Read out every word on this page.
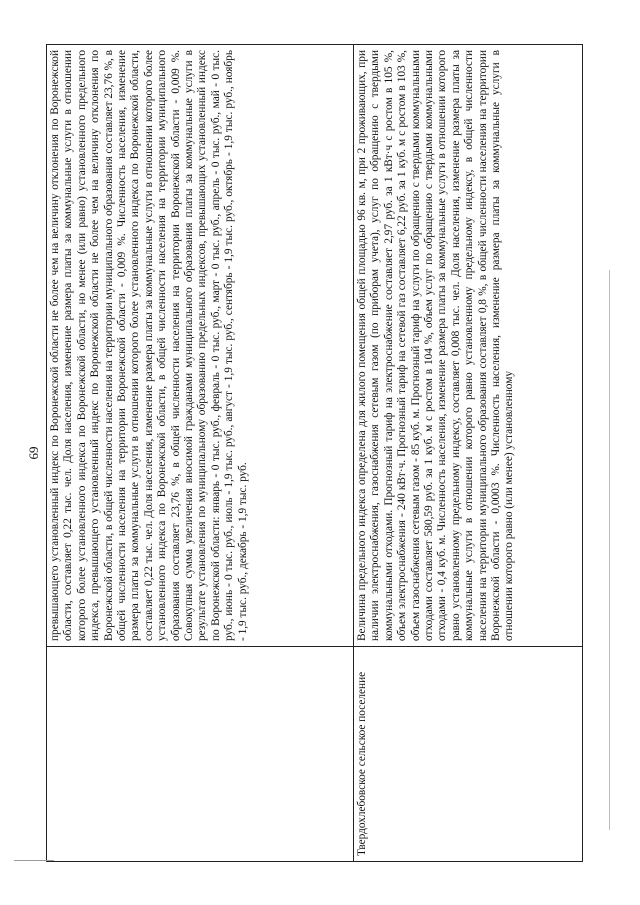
69
	превышающего установленный индекс по Воронежской области не более чем на величину отклонения по Воронежской области, составляет 0,22 тыс. чел. Доля населения, изменение размера платы за коммунальные услуги в отношении которого более установленного индекса по Воронежской области, но менее (или равно) установленного предельного индекса, превышающего установленный индекс по Воронежской области не более чем на величину отклонения по Воронежской области, в общей численности населения на территории муниципального образования составляет 23,76 %, в общей численности населения на территории Воронежской области - 0,009 %. Численность населения, изменение размера платы за коммунальные услуги в отношении которого более установленного индекса по Воронежской области, составляет 0,22 тыс. чел. Доля населения, изменение размера платы за коммунальные услуги в отношении которого более установленного индекса по Воронежской области, в общей численности населения на территории муниципального образования составляет 23,76 %, в общей численности населения на территории Воронежской области - 0,009 %. Совокупная сумма увеличения вносимой гражданами муниципального образования платы за коммунальные услуги в результате установления по муниципальному образованию предельных индексов, превышающих установленный индекс по Воронежской области: январь - 0 тыс. руб., февраль - 0 тыс. руб., март - 0 тыс. руб., апрель - 0 тыс. руб., май - 0 тыс. руб., июнь - 0 тыс. руб., июль - 1,9 тыс. руб., август - 1,9 тыс. руб., сентябрь - 1,9 тыс. руб., октябрь - 1,9 тыс. руб., ноябрь - 1,9 тыс. руб., декабрь - 1,9 тыс. руб.
Твердохлебовское сельское поселение	Величина предельного индекса определена для жилого помещения общей площадью 96 кв. м, при 2 проживающих, при наличии электроснабжения, газоснабжения сетевым газом (по приборам учета), услуг по обращению с твердыми коммунальными отходами. Прогнозный тариф на электроснабжение составляет 2,97 руб. за 1 кВт·ч с ростом в 105 %, объем электроснабжения - 240 кВт·ч. Прогнозный тариф на сетевой газ составляет 6,22 руб. за 1 куб. м с ростом в 103 %, объем газоснабжения сетевым газом - 85 куб. м. Прогнозный тариф на услуги по обращению с твердыми коммунальными отходами составляет 580,59 руб. за 1 куб. м с ростом в 104 %, объем услуг по обращению с твердыми коммунальными отходами - 0,4 куб. м. Численность населения, изменение размера платы за коммунальные услуги в отношении которого равно установленному предельному индексу, составляет 0,008 тыс. чел. Доля населения, изменение размера платы за коммунальные услуги в отношении которого равно установленному предельному индексу, в общей численности населения на территории муниципального образования составляет 0,8 %, в общей численности населения на территории Воронежской области - 0,0003 %. Численность населения, изменение размера платы за коммунальные услуги в отношении которого равно (или менее) установленному
